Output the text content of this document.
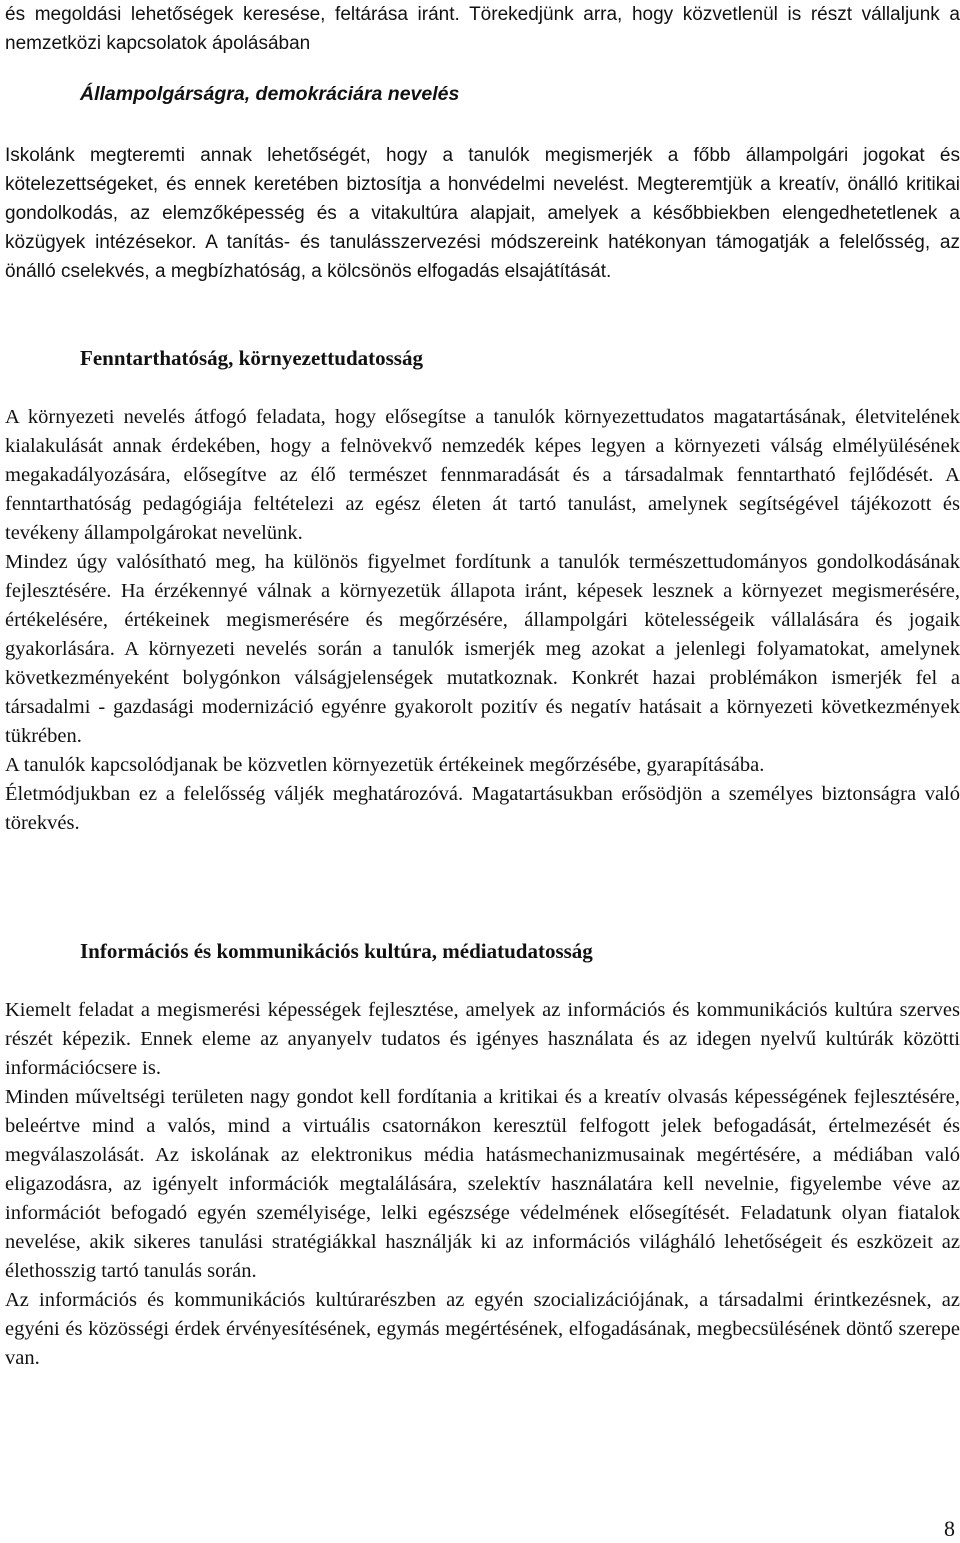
és megoldási lehetőségek keresése, feltárása iránt. Törekedjünk arra, hogy közvetlenül is részt vállaljunk a nemzetközi kapcsolatok ápolásában

Állampolgárságra, demokráciára nevelés

Iskolánk megteremti annak lehetőségét, hogy a tanulók megismerjék a főbb állampolgári jogokat és kötelezettségeket, és ennek keretében biztosítja a honvédelmi nevelést. Megteremtjük a kreatív, önálló kritikai gondolkodás, az elemzőképesség és a vitakultúra alapjait, amelyek a későbbiekben elengedhetetlenek a közügyek intézésekor. A tanítás- és tanulásszervezési módszereink hatékonyan támogatják a felelősség, az önálló cselekvés, a megbízhatóság, a kölcsönös elfogadás elsajátítását.

Fenntarthatóság, környezettudatosság

A környezeti nevelés átfogó feladata, hogy elősegítse a tanulók környezettudatos magatartásának, életvitelének kialakulását annak érdekében, hogy a felnövekvő nemzedék képes legyen a környezeti válság elmélyülésének megakadályozására, elősegítve az élő természet fennmaradását és a társadalmak fenntartható fejlődését. A fenntarthatóság pedagógiája feltételezi az egész életen át tartó tanulást, amelynek segítségével tájékozott és tevékeny állampolgárokat nevelünk.

Mindez úgy valósítható meg, ha különös figyelmet fordítunk a tanulók természettudományos gondolkodásának fejlesztésére. Ha érzékennyé válnak a környezetük állapota iránt, képesek lesznek a környezet megismerésére, értékelésére, értékeinek megismerésére és megőrzésére, állampolgári kötelességeik vállalására és jogaik gyakorlására. A környezeti nevelés során a tanulók ismerjék meg azokat a jelenlegi folyamatokat, amelynek következményeként bolygónkon válságjelenségek mutatkoznak. Konkrét hazai problémákon ismerjék fel a társadalmi - gazdasági modernizáció egyénre gyakorolt pozitív és negatív hatásait a környezeti következmények tükrében.

A tanulók kapcsolódjanak be közvetlen környezetük értékeinek megőrzésébe, gyarapításába.

Életmódjukban ez a felelősség váljék meghatározóvá. Magatartásukban erősödjön a személyes biztonságra való törekvés.

Információs és kommunikációs kultúra, médiatudatosság

Kiemelt feladat a megismerési képességek fejlesztése, amelyek az információs és kommunikációs kultúra szerves részét képezik. Ennek eleme az anyanyelv tudatos és igényes használata és az idegen nyelvű kultúrák közötti információcsere is.

Minden műveltségi területen nagy gondot kell fordítania a kritikai és a kreatív olvasás képességének fejlesztésére, beleértve mind a valós, mind a virtuális csatornákon keresztül felfogott jelek befogadását, értelmezését és megválaszolását. Az iskolának az elektronikus média hatásmechanizmusainak megértésére, a médiában való eligazodásra, az igényelt információk megtalálására, szelektív használatára kell nevelnie, figyelembe véve az információt befogadó egyén személyisége, lelki egészsége védelmének elősegítését. Feladatunk olyan fiatalok nevelése, akik sikeres tanulási stratégiákkal használják ki az információs világháló lehetőségeit és eszközeit az élethosszig tartó tanulás során.

Az információs és kommunikációs kultúrarészben az egyén szocializációjának, a társadalmi érintkezésnek, az egyéni és közösségi érdek érvényesítésének, egymás megértésének, elfogadásának, megbecsülésének döntő szerepe van.

8
